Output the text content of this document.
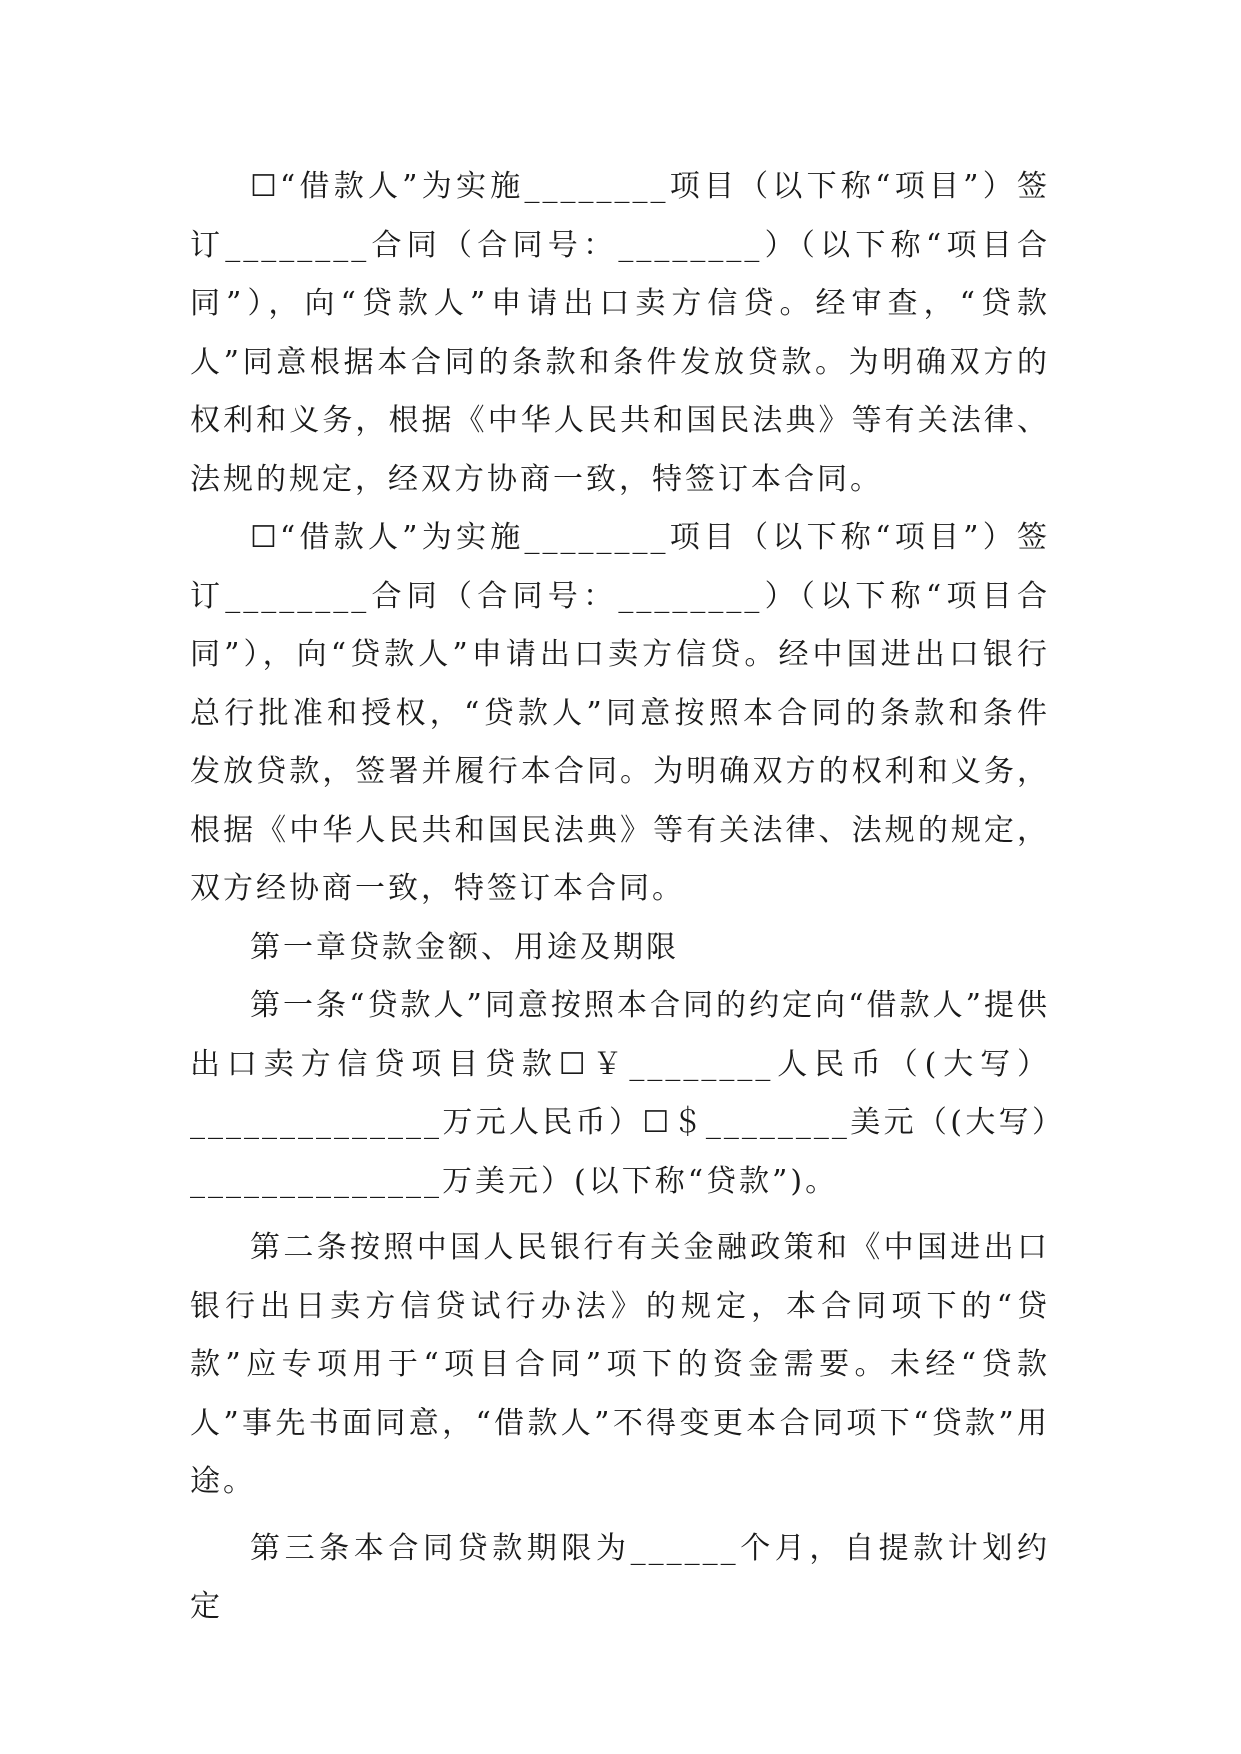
☐“借款人”为实施________项目（以下称“项目”）签订________合同（合同号：________）（以下称“项目合同”），向“贷款人”申请出口卖方信贷。经审查，“贷款人”同意根据本合同的条款和条件发放贷款。为明确双方的权利和义务，根据《中华人民共和国民法典》等有关法律、法规的规定，经双方协商一致，特签订本合同。

☐“借款人”为实施________项目（以下称“项目”）签订________合同（合同号：________）（以下称“项目合同”），向“贷款人”申请出口卖方信贷。经中国进出口银行总行批准和授权，“贷款人”同意按照本合同的条款和条件发放贷款，签署并履行本合同。为明确双方的权利和义务，根据《中华人民共和国民法典》等有关法律、法规的规定，双方经协商一致，特签订本合同。

第一章贷款金额、用途及期限

第一条“贷款人”同意按照本合同的约定向“借款人”提供出口卖方信贷项目贷款☐￥________人民币（(大写）______________万元人民币）☐＄________美元（(大写）______________万美元）(以下称“贷款”)。

第二条按照中国人民银行有关金融政策和《中国进出口银行出日卖方信贷试行办法》的规定，本合同项下的“贷款”应专项用于“项目合同”项下的资金需要。未经“贷款人”事先书面同意，“借款人”不得变更本合同项下“贷款”用途。

第三条本合同贷款期限为______个月，自提款计划约定
